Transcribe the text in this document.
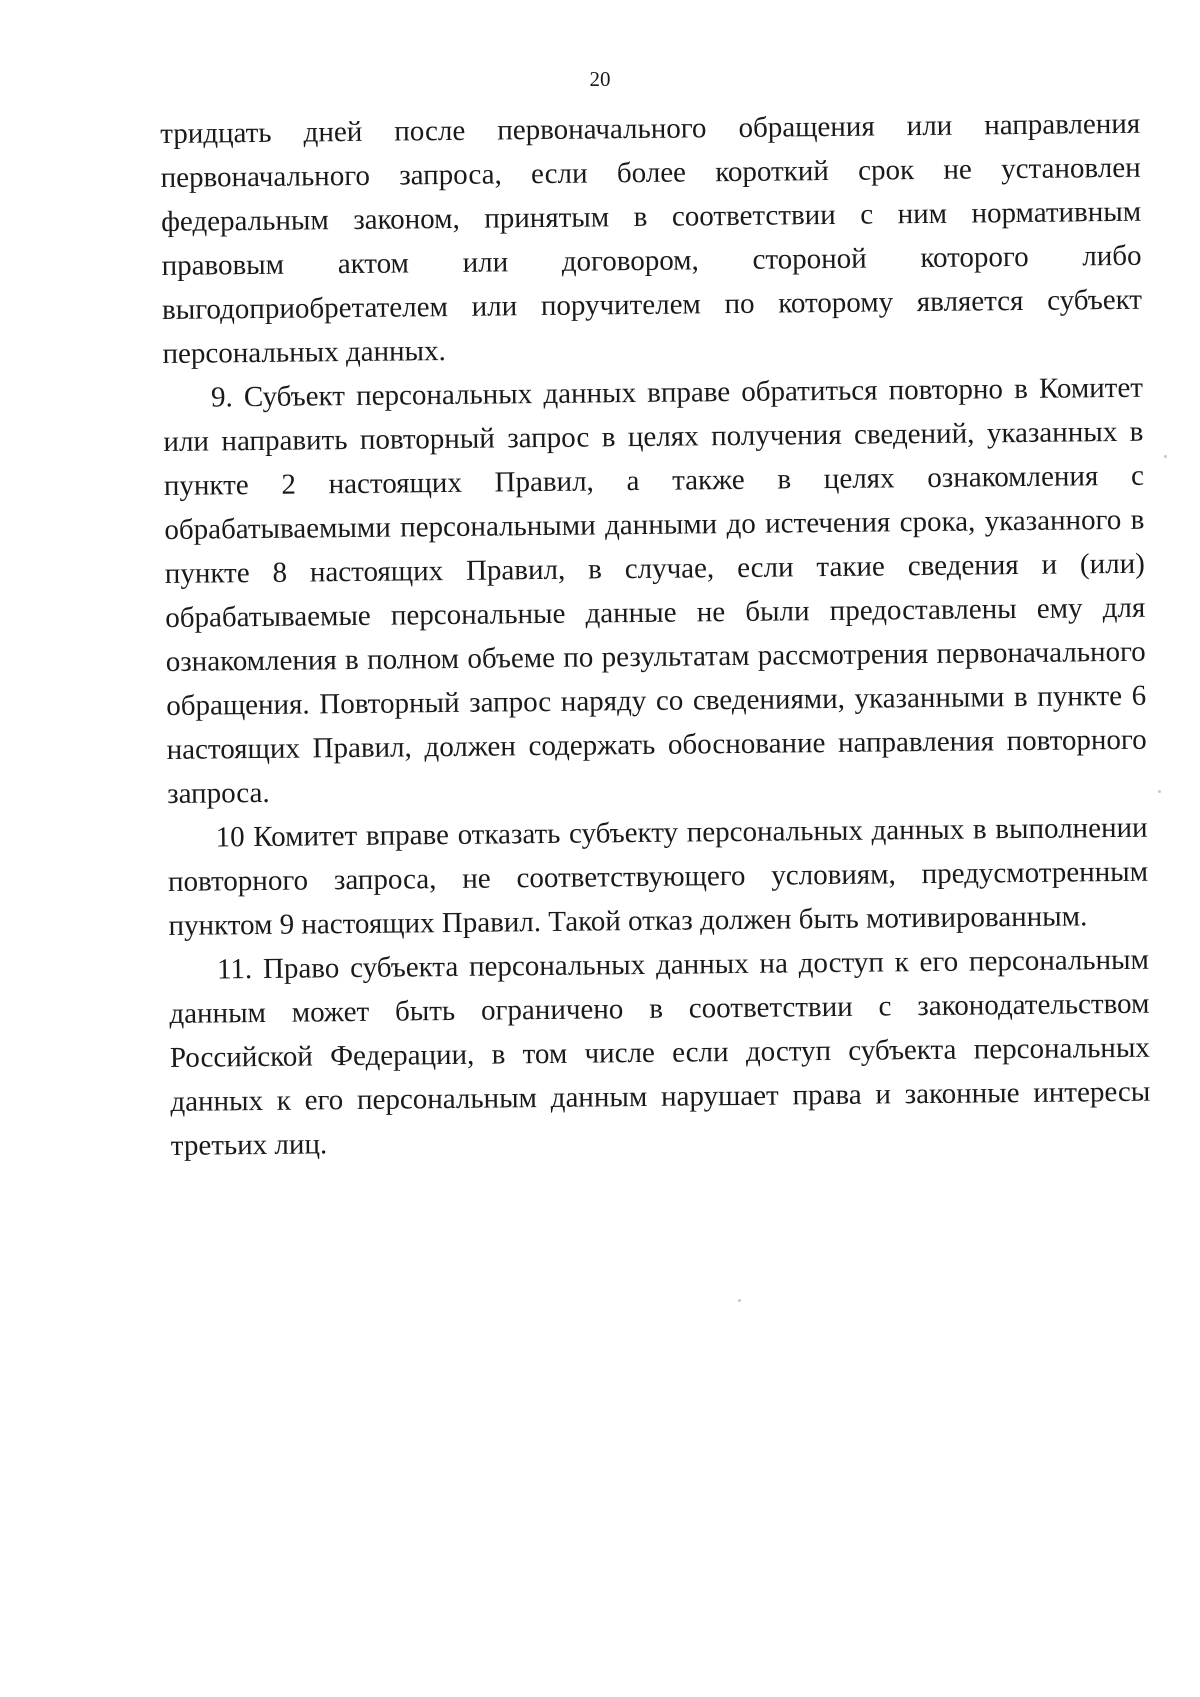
20

тридцать дней после первоначального обращения или направления первоначального запроса, если более короткий срок не установлен федеральным законом, принятым в соответствии с ним нормативным правовым актом или договором, стороной которого либо выгодоприобретателем или поручителем по которому является субъект персональных данных.

9. Субъект персональных данных вправе обратиться повторно в Комитет или направить повторный запрос в целях получения сведений, указанных в пункте 2 настоящих Правил, а также в целях ознакомления с обрабатываемыми персональными данными до истечения срока, указанного в пункте 8 настоящих Правил, в случае, если такие сведения и (или) обрабатываемые персональные данные не были предоставлены ему для ознакомления в полном объеме по результатам рассмотрения первоначального обращения. Повторный запрос наряду со сведениями, указанными в пункте 6 настоящих Правил, должен содержать обоснование направления повторного запроса.

10 Комитет вправе отказать субъекту персональных данных в выполнении повторного запроса, не соответствующего условиям, предусмотренным пунктом 9 настоящих Правил. Такой отказ должен быть мотивированным.

11. Право субъекта персональных данных на доступ к его персональным данным может быть ограничено в соответствии с законодательством Российской Федерации, в том числе если доступ субъекта персональных данных к его персональным данным нарушает права и законные интересы третьих лиц.
